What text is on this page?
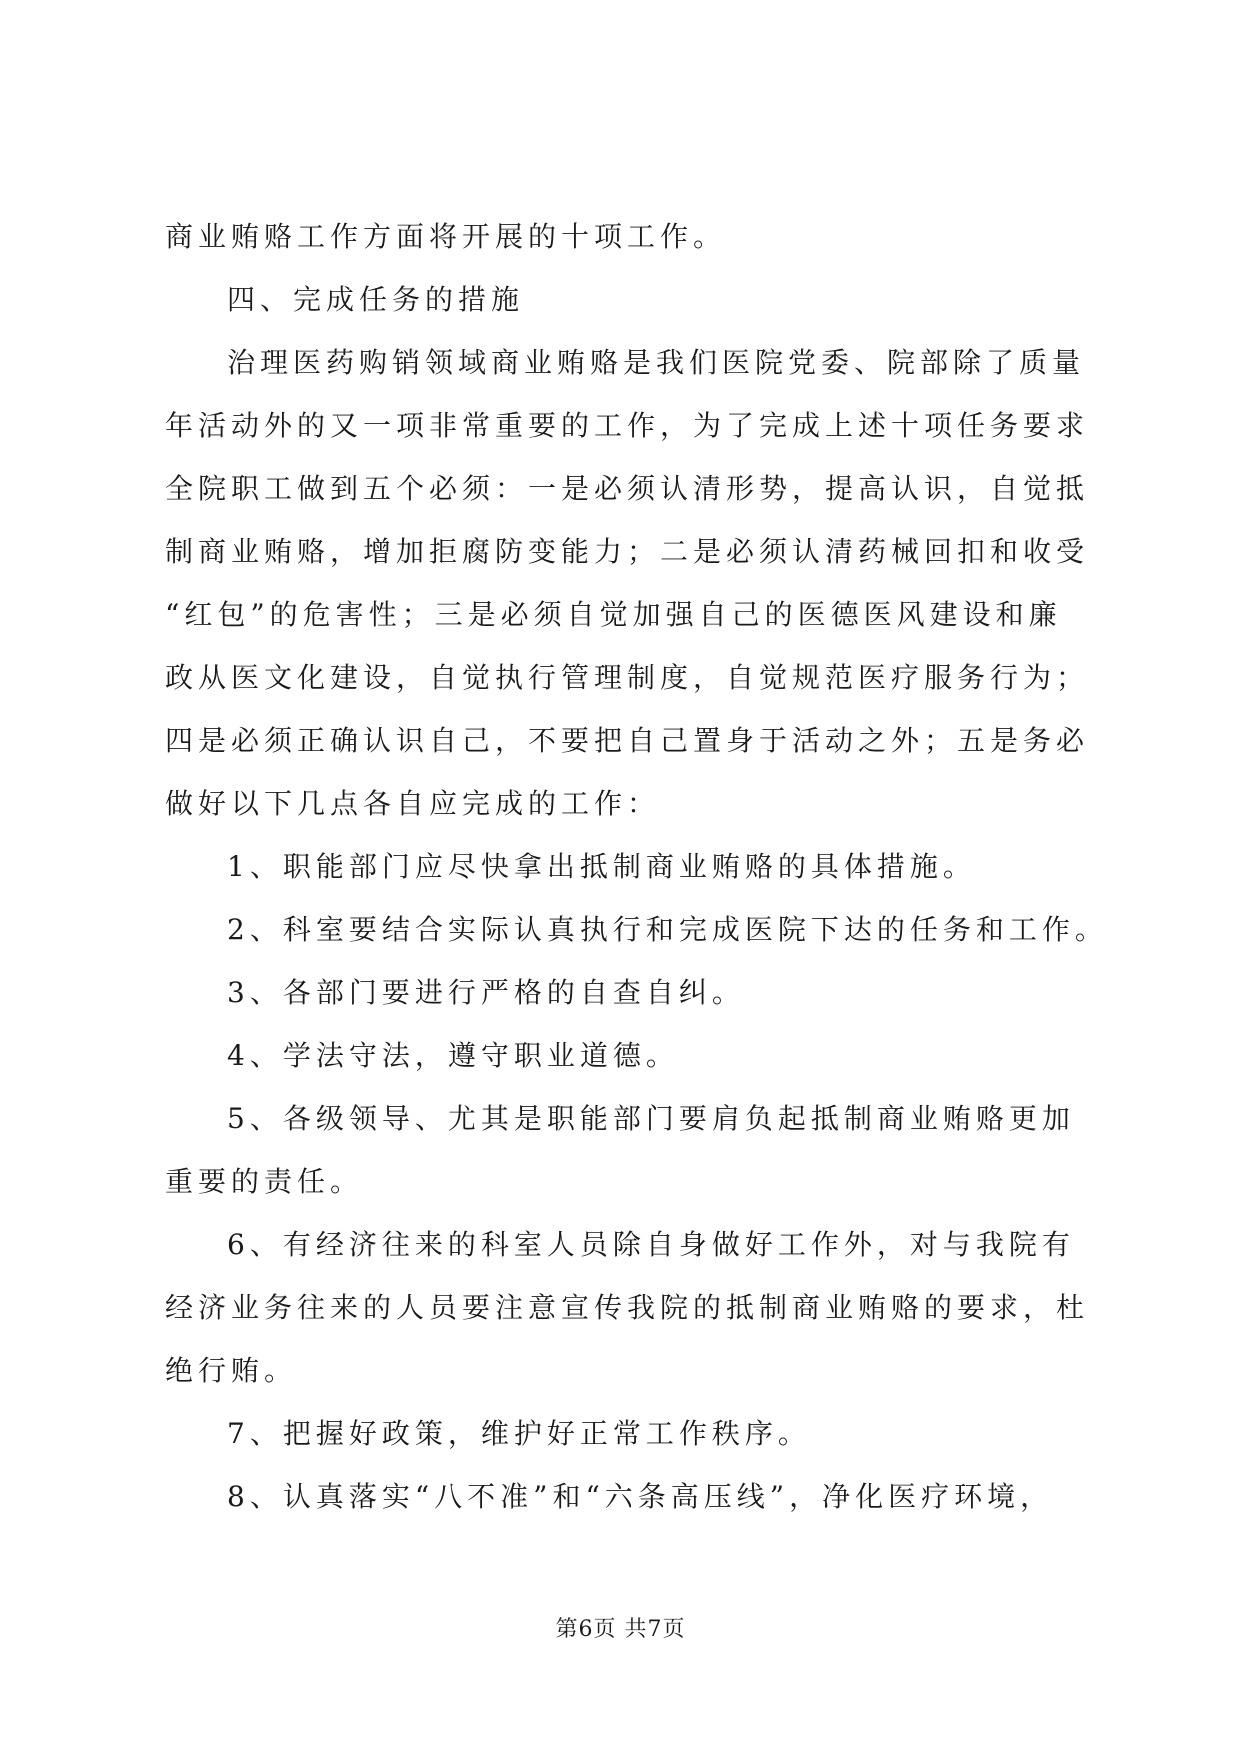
商业贿赂工作方面将开展的十项工作。
四、完成任务的措施
治理医药购销领域商业贿赂是我们医院党委、院部除了质量
年活动外的又一项非常重要的工作，为了完成上述十项任务要求
全院职工做到五个必须：一是必须认清形势，提高认识，自觉抵
制商业贿赂，增加拒腐防变能力；二是必须认清药械回扣和收受
“红包”的危害性；三是必须自觉加强自己的医德医风建设和廉
政从医文化建设，自觉执行管理制度，自觉规范医疗服务行为；
四是必须正确认识自己，不要把自己置身于活动之外；五是务必
做好以下几点各自应完成的工作：
1、职能部门应尽快拿出抵制商业贿赂的具体措施。
2、科室要结合实际认真执行和完成医院下达的任务和工作。
3、各部门要进行严格的自查自纠。
4、学法守法，遵守职业道德。
5、各级领导、尤其是职能部门要肩负起抵制商业贿赂更加
重要的责任。
6、有经济往来的科室人员除自身做好工作外，对与我院有
经济业务往来的人员要注意宣传我院的抵制商业贿赂的要求，杜
绝行贿。
7、把握好政策，维护好正常工作秩序。
8、认真落实“八不准”和“六条高压线”，净化医疗环境，
第6页 共7页
